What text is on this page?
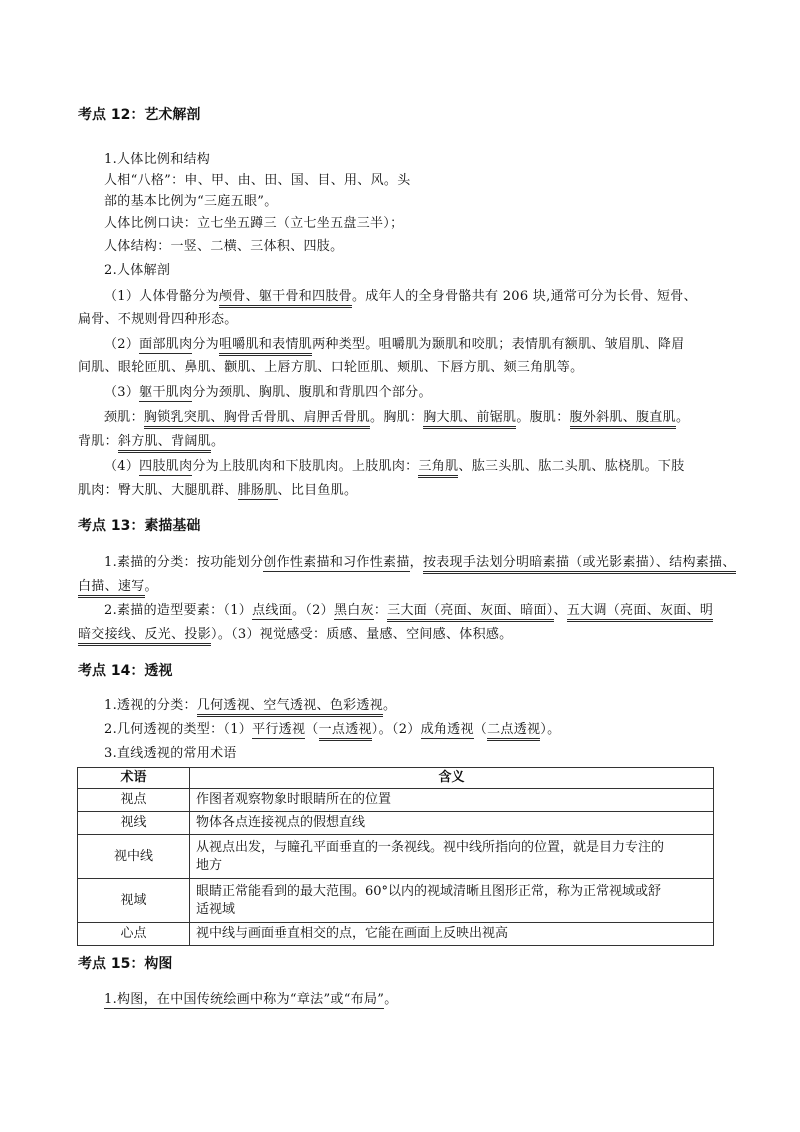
考点 12：艺术解剖
1.人体比例和结构
人相“八格”：申、甲、由、田、国、目、用、风。头
部的基本比例为“三庭五眼”。
人体比例口诀：立七坐五蹲三（立七坐五盘三半）；
人体结构：一竖、二横、三体积、四肢。
2.人体解剖
（1）人体骨骼分为颅骨、躯干骨和四肢骨。成年人的全身骨骼共有 206 块,通常可分为长骨、短骨、
扁骨、不规则骨四种形态。
（2）面部肌肉分为咀嚼肌和表情肌两种类型。咀嚼肌为颞肌和咬肌；表情肌有额肌、皱眉肌、降眉
间肌、眼轮匝肌、鼻肌、颧肌、上唇方肌、口轮匝肌、颊肌、下唇方肌、颏三角肌等。
（3）躯干肌肉分为颈肌、胸肌、腹肌和背肌四个部分。
颈肌：胸锁乳突肌、胸骨舌骨肌、肩胛舌骨肌。胸肌：胸大肌、前锯肌。腹肌：腹外斜肌、腹直肌。
背肌：斜方肌、背阔肌。
（4）四肢肌肉分为上肢肌肉和下肢肌肉。上肢肌肉：三角肌、肱三头肌、肱二头肌、肱桡肌。下肢
肌肉：臀大肌、大腿肌群、腓肠肌、比目鱼肌。
考点 13：素描基础
1.素描的分类：按功能划分创作性素描和习作性素描，按表现手法划分明暗素描（或光影素描）、结构素描、
白描、速写。
2.素描的造型要素：（1）点线面。（2）黑白灰：三大面（亮面、灰面、暗面）、五大调（亮面、灰面、明
暗交接线、反光、投影）。（3）视觉感受：质感、量感、空间感、体积感。
考点 14：透视
1.透视的分类：几何透视、空气透视、色彩透视。
2.几何透视的类型：（1）平行透视（一点透视）。（2）成角透视（二点透视）。
3.直线透视的常用术语
术语	含义
视点	作图者观察物象时眼睛所在的位置
视线	物体各点连接视点的假想直线
视中线	从视点出发，与瞳孔平面垂直的一条视线。视中线所指向的位置，就是目力专注的
地方
视域	眼睛正常能看到的最大范围。60°以内的视域清晰且图形正常，称为正常视域或舒
适视域
心点	视中线与画面垂直相交的点，它能在画面上反映出视高
考点 15：构图
1.构图，在中国传统绘画中称为“章法”或“布局”。
